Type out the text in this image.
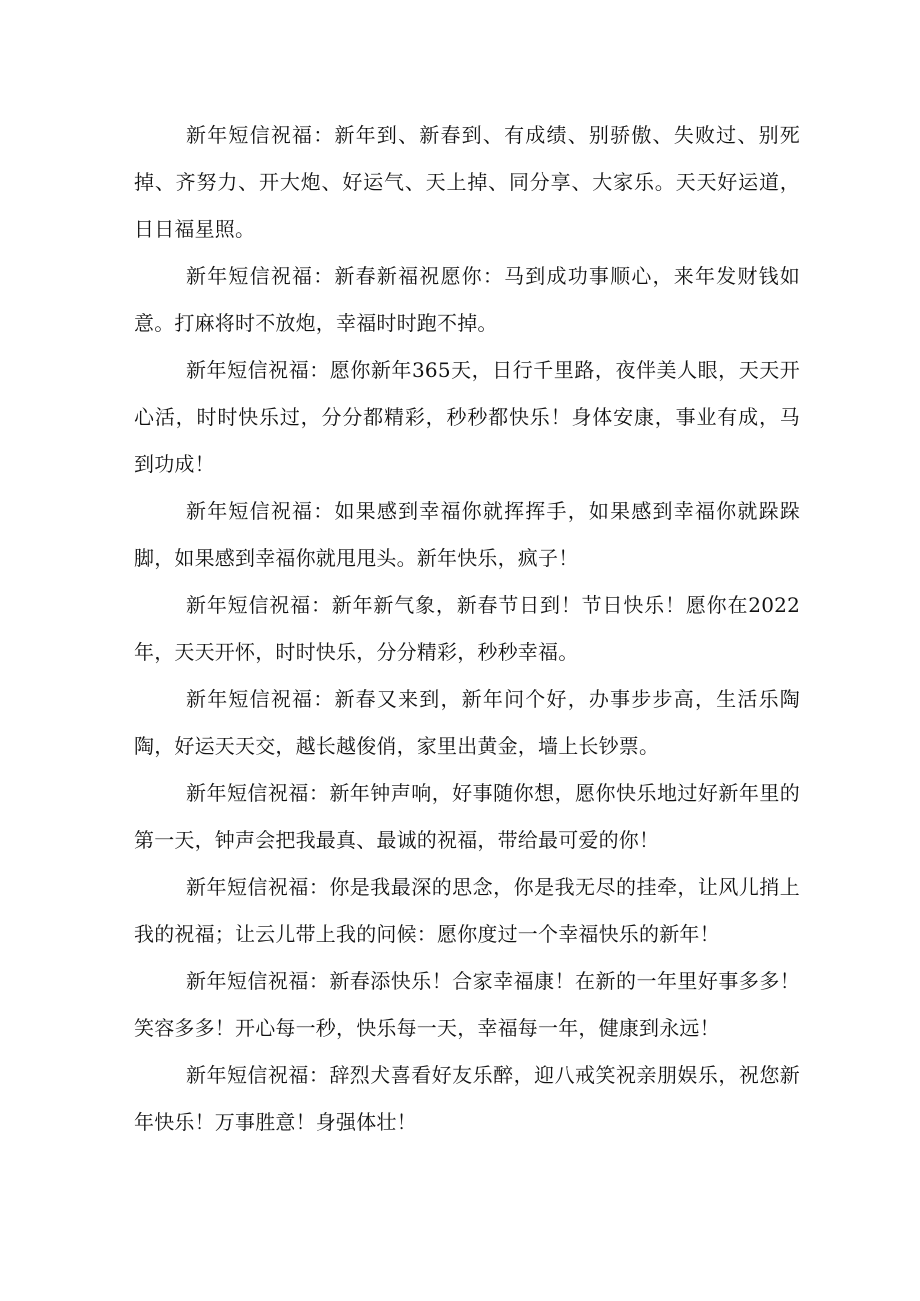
新年短信祝福：新年到、新春到、有成绩、别骄傲、失败过、别死掉、齐努力、开大炮、好运气、天上掉、同分享、大家乐。天天好运道，日日福星照。

新年短信祝福：新春新福祝愿你：马到成功事顺心，来年发财钱如意。打麻将时不放炮，幸福时时跑不掉。

新年短信祝福：愿你新年365天，日行千里路，夜伴美人眼，天天开心活，时时快乐过，分分都精彩，秒秒都快乐！身体安康，事业有成，马到功成！

新年短信祝福：如果感到幸福你就挥挥手，如果感到幸福你就跺跺脚，如果感到幸福你就甩甩头。新年快乐，疯子！

新年短信祝福：新年新气象，新春节日到！节日快乐！愿你在2022年，天天开怀，时时快乐，分分精彩，秒秒幸福。

新年短信祝福：新春又来到，新年问个好，办事步步高，生活乐陶陶，好运天天交，越长越俊俏，家里出黄金，墙上长钞票。

新年短信祝福：新年钟声响，好事随你想，愿你快乐地过好新年里的第一天，钟声会把我最真、最诚的祝福，带给最可爱的你！

新年短信祝福：你是我最深的思念，你是我无尽的挂牵，让风儿捎上我的祝福；让云儿带上我的问候：愿你度过一个幸福快乐的新年！

新年短信祝福：新春添快乐！合家幸福康！在新的一年里好事多多！笑容多多！开心每一秒，快乐每一天，幸福每一年，健康到永远！

新年短信祝福：辞烈犬喜看好友乐醉，迎八戒笑祝亲朋娱乐，祝您新年快乐！万事胜意！身强体壮！
